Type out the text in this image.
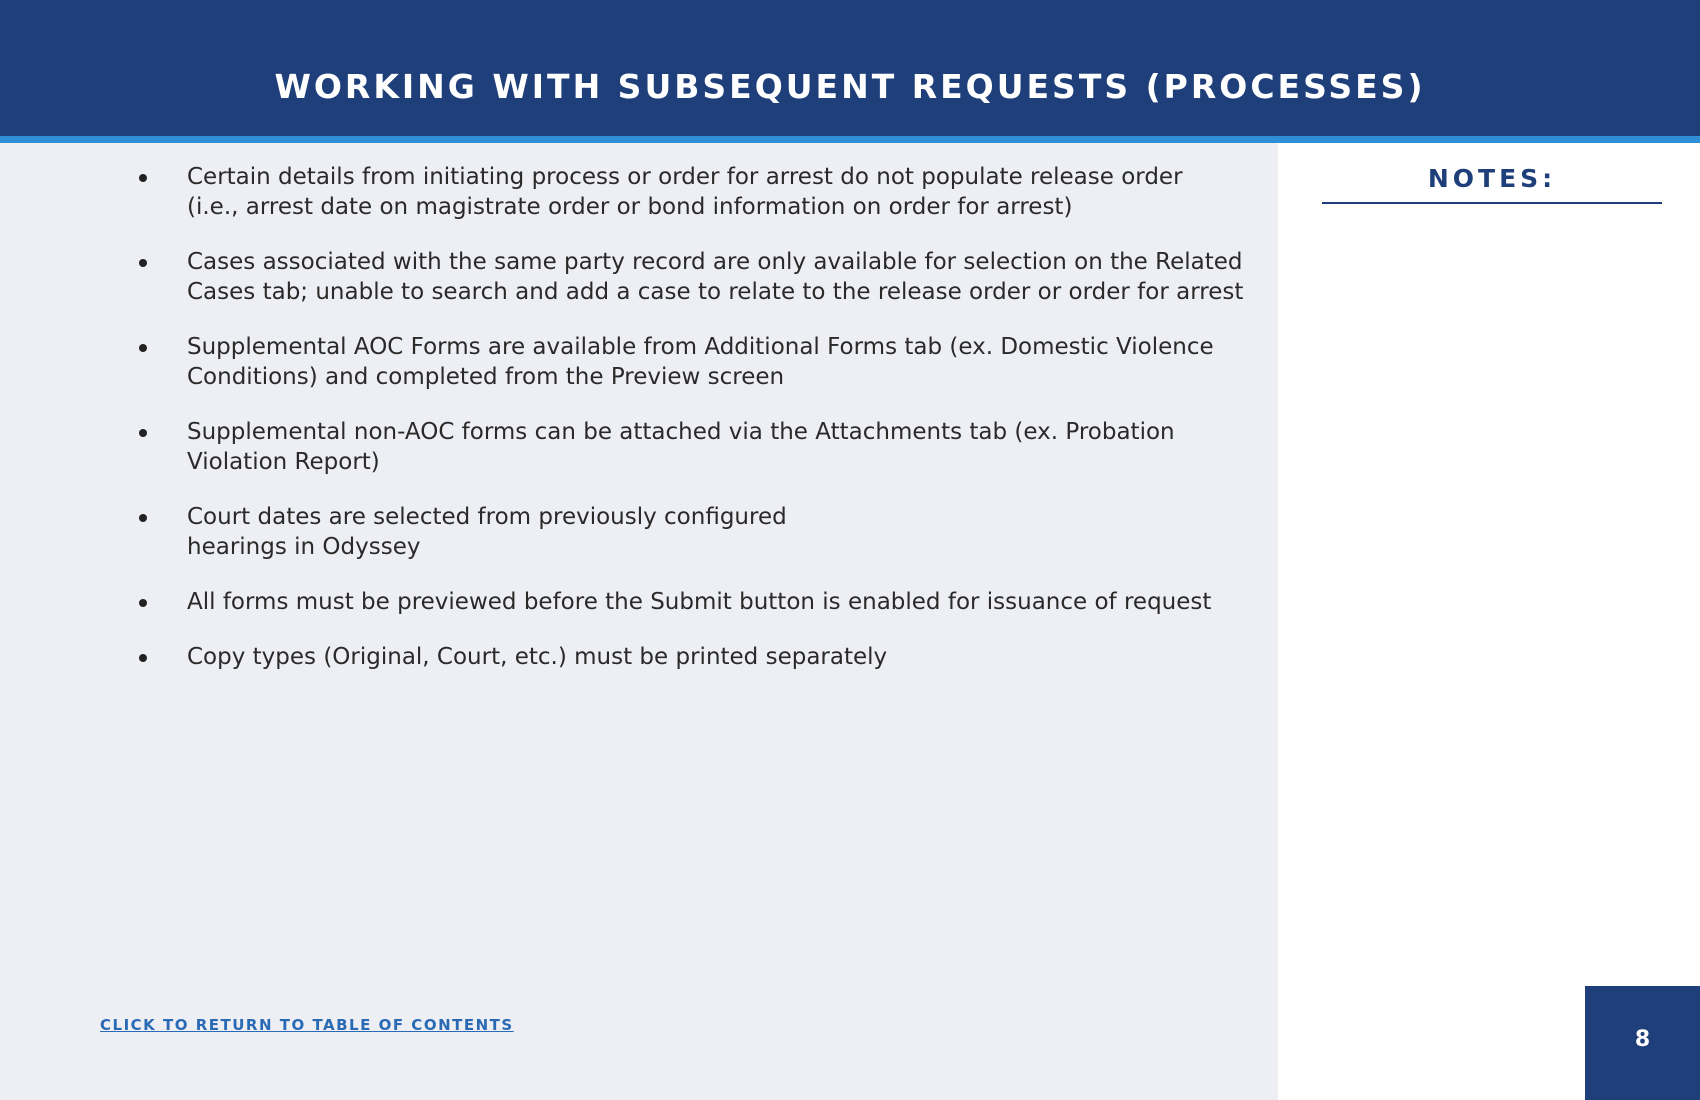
WORKING WITH SUBSEQUENT REQUESTS (PROCESSES)
NOTES:
Certain details from initiating process or order for arrest do not populate release order
(i.e., arrest date on magistrate order or bond information on order for arrest)
Cases associated with the same party record are only available for selection on the Related
Cases tab; unable to search and add a case to relate to the release order or order for arrest
Supplemental AOC Forms are available from Additional Forms tab (ex. Domestic Violence
Conditions) and completed from the Preview screen
Supplemental non-AOC forms can be attached via the Attachments tab (ex. Probation
Violation Report)
Court dates are selected from previously configured
hearings in Odyssey
All forms must be previewed before the Submit button is enabled for issuance of request
Copy types (Original, Court, etc.) must be printed separately
CLICK TO RETURN TO TABLE OF CONTENTS
8
